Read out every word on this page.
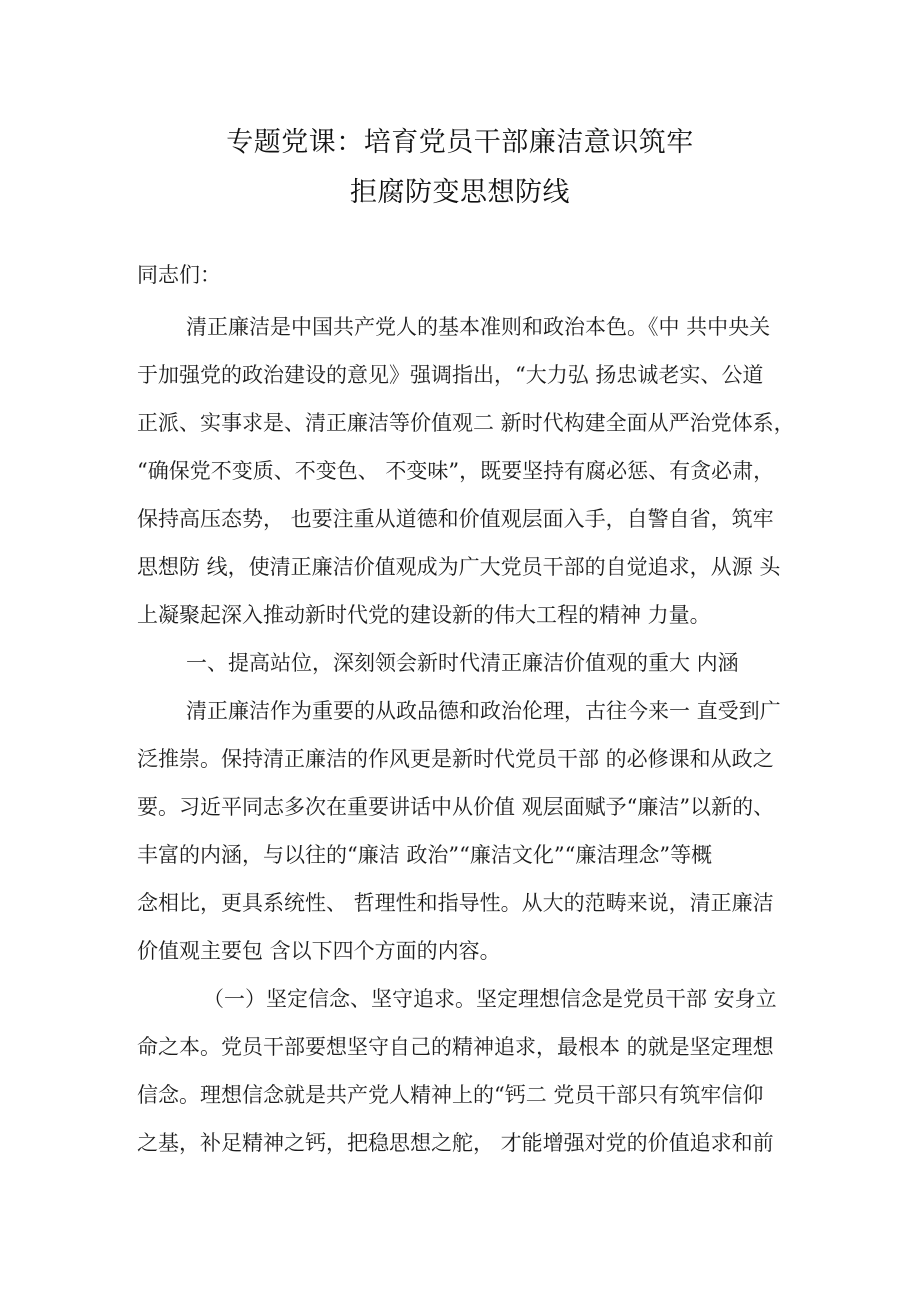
专题党课：培育党员干部廉洁意识筑牢
拒腐防变思想防线
同志们：
清正廉洁是中国共产党人的基本准则和政治本色。《中 共中央关
于加强党的政治建设的意见》强调指出，“大力弘 扬忠诚老实、公道
正派、实事求是、清正廉洁等价值观二 新时代构建全面从严治党体系，
“确保党不变质、不变色、 不变味”，既要坚持有腐必惩、有贪必肃，
保持高压态势， 也要注重从道德和价值观层面入手，自警自省，筑牢
思想防 线，使清正廉洁价值观成为广大党员干部的自觉追求，从源 头
上凝聚起深入推动新时代党的建设新的伟大工程的精神 力量。
一、提高站位，深刻领会新时代清正廉洁价值观的重大 内涵
清正廉洁作为重要的从政品德和政治伦理，古往今来一 直受到广
泛推崇。保持清正廉洁的作风更是新时代党员干部 的必修课和从政之
要。习近平同志多次在重要讲话中从价值 观层面赋予“廉洁”以新的、
丰富的内涵，与以往的“廉洁 政治”“廉洁文化”“廉洁理念”等概
念相比，更具系统性、 哲理性和指导性。从大的范畴来说，清正廉洁
价值观主要包 含以下四个方面的内容。
（一）坚定信念、坚守追求。坚定理想信念是党员干部 安身立
命之本。党员干部要想坚守自己的精神追求，最根本 的就是坚定理想
信念。理想信念就是共产党人精神上的“钙二 党员干部只有筑牢信仰
之基，补足精神之钙，把稳思想之舵， 才能增强对党的价值追求和前
